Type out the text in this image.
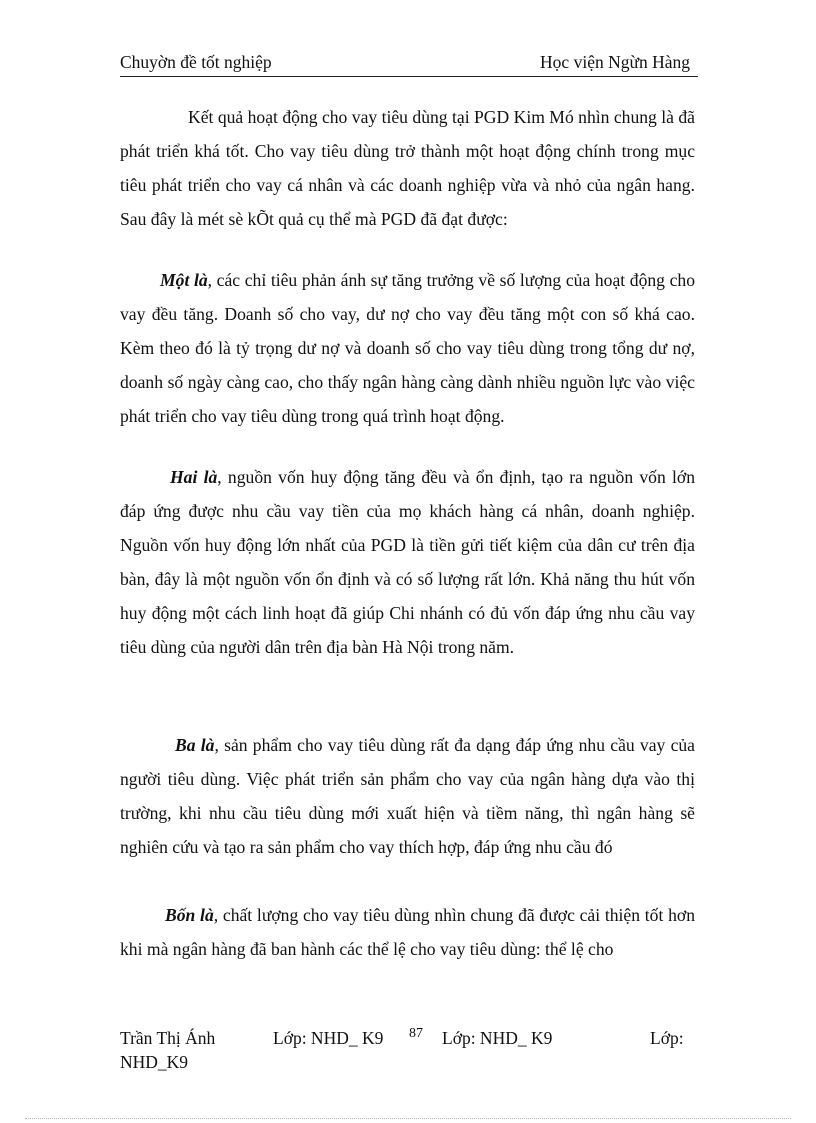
Chuyờn đề tốt nghiệp	Học viện Ngừn Hàng

Kết quả hoạt động cho vay tiêu dùng tại PGD Kim Mó nhìn chung là đã phát triển khá tốt. Cho vay tiêu dùng trở thành một hoạt động chính trong mục tiêu phát triển cho vay cá nhân và các doanh nghiệp vừa và nhỏ của ngân hang. Sau đây là mét sè kÕt quả cụ thể mà PGD đã đạt được:

Một là, các chỉ tiêu phản ánh sự tăng trưởng về số lượng của hoạt động cho vay đều tăng. Doanh số cho vay, dư nợ cho vay đều tăng một con số khá cao. Kèm theo đó là tỷ trọng dư nợ và doanh số cho vay tiêu dùng trong tổng dư nợ, doanh số ngày càng cao, cho thấy ngân hàng càng dành nhiều nguồn lực vào việc phát triển cho vay tiêu dùng trong quá trình hoạt động.

Hai là, nguồn vốn huy động tăng đều và ổn định, tạo ra nguồn vốn lớn đáp ứng được nhu cầu vay tiền của mọ khách hàng cá nhân, doanh nghiệp. Nguồn vốn huy động lớn nhất của PGD là tiền gửi tiết kiệm của dân cư trên địa bàn, đây là một nguồn vốn ổn định và có số lượng rất lớn. Khả năng thu hút vốn huy động một cách linh hoạt đã giúp Chi nhánh có đủ vốn đáp ứng nhu cầu vay tiêu dùng của người dân trên địa bàn Hà Nội trong năm.

Ba là, sản phẩm cho vay tiêu dùng rất đa dạng đáp ứng nhu cầu vay của người tiêu dùng. Việc phát triển sản phẩm cho vay của ngân hàng dựa vào thị trường, khi nhu cầu tiêu dùng mới xuất hiện và tiềm năng, thì ngân hàng sẽ nghiên cứu và tạo ra sản phẩm cho vay thích hợp, đáp ứng nhu cầu đó

Bốn là, chất lượng cho vay tiêu dùng nhìn chung đã được cải thiện tốt hơn khi mà ngân hàng đã ban hành các thể lệ cho vay tiêu dùng: thể lệ cho

Trần Thị Ánh	Lớp: NHD_ K9 87 Lớp: NHD_ K9	Lớp:
NHD_K9
